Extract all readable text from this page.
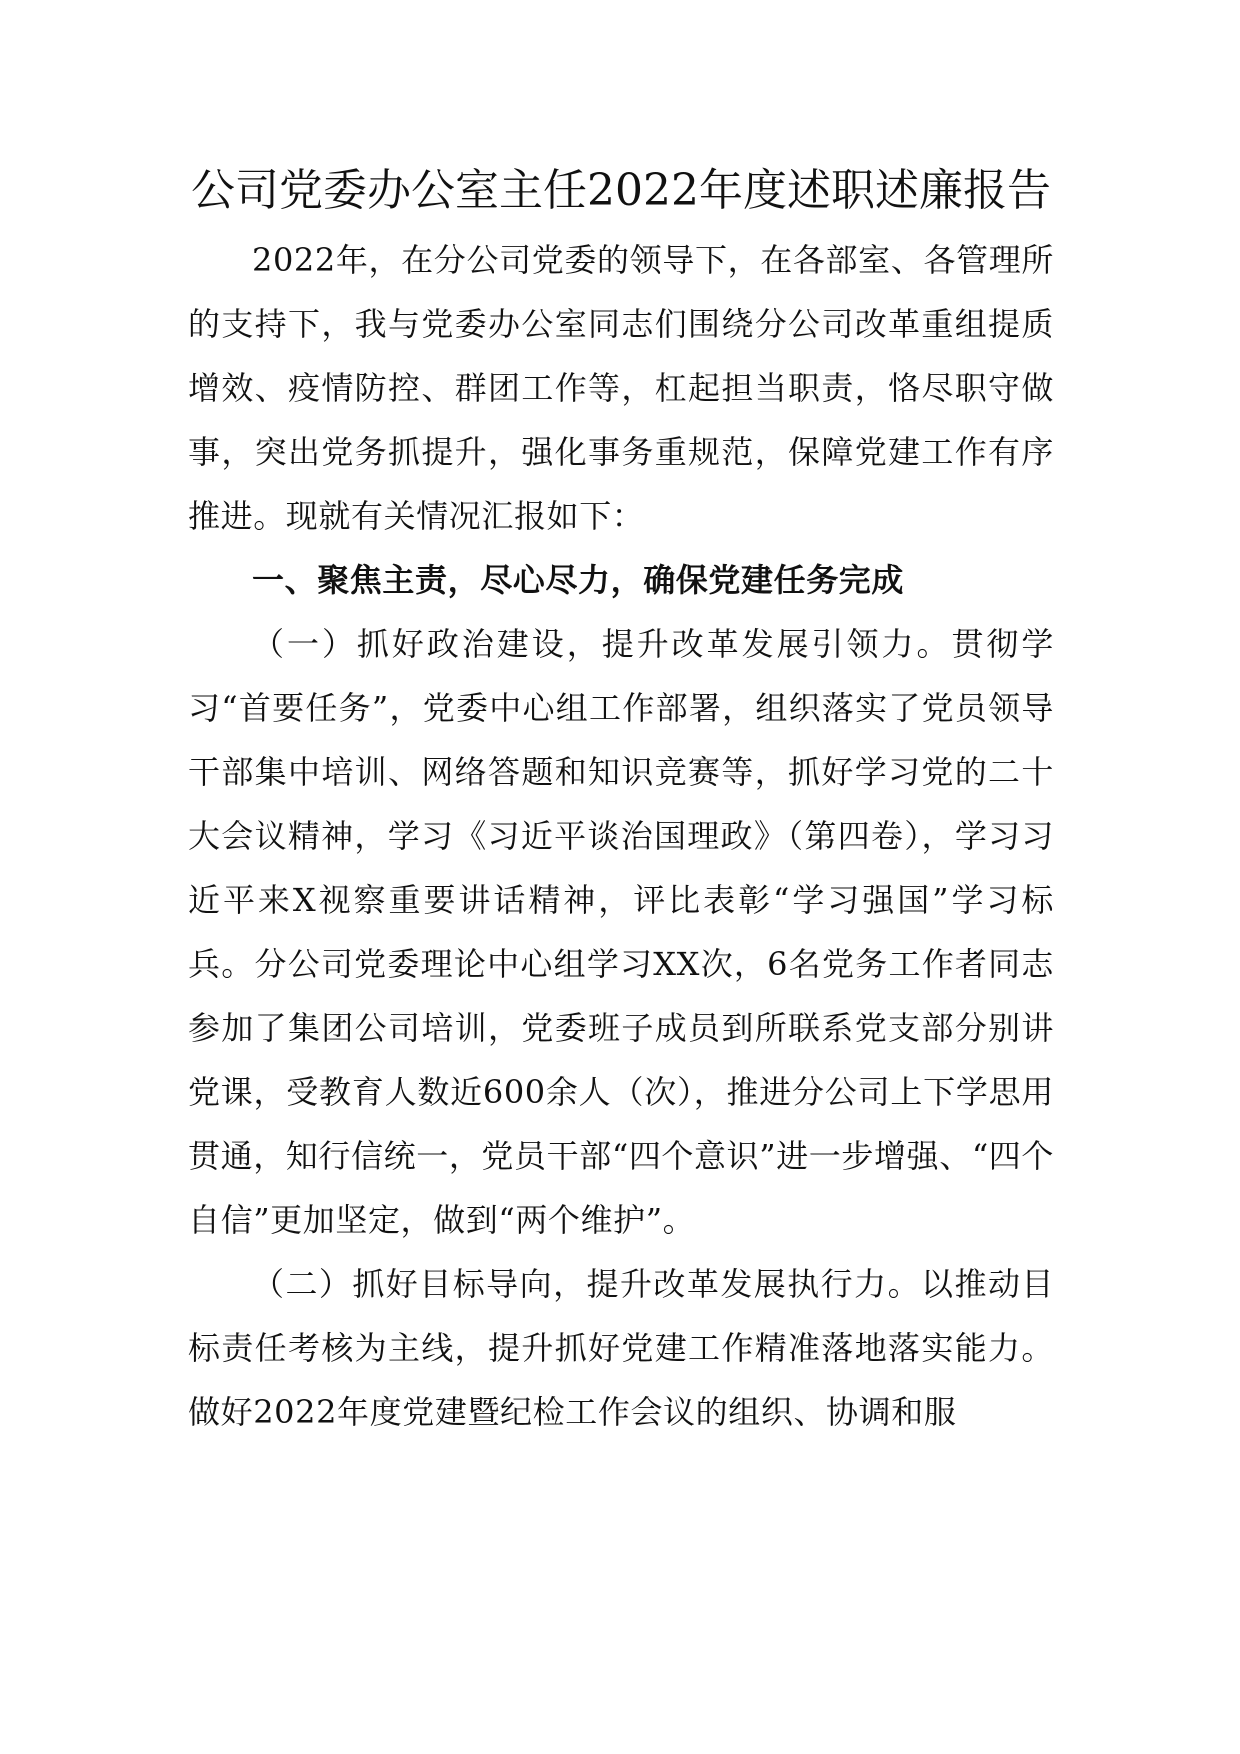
公司党委办公室主任2022年度述职述廉报告

2022年，在分公司党委的领导下，在各部室、各管理所的支持下，我与党委办公室同志们围绕分公司改革重组提质增效、疫情防控、群团工作等，杠起担当职责，恪尽职守做事，突出党务抓提升，强化事务重规范，保障党建工作有序推进。现就有关情况汇报如下：

一、聚焦主责，尽心尽力，确保党建任务完成

（一）抓好政治建设，提升改革发展引领力。贯彻学习“首要任务”，党委中心组工作部署，组织落实了党员领导干部集中培训、网络答题和知识竞赛等，抓好学习党的二十大会议精神，学习《习近平谈治国理政》（第四卷），学习习近平来X视察重要讲话精神，评比表彰“学习强国”学习标兵。分公司党委理论中心组学习XX次，6名党务工作者同志参加了集团公司培训，党委班子成员到所联系党支部分别讲党课，受教育人数近600余人（次），推进分公司上下学思用贯通，知行信统一，党员干部“四个意识”进一步增强、“四个自信”更加坚定，做到“两个维护”。

（二）抓好目标导向，提升改革发展执行力。以推动目标责任考核为主线，提升抓好党建工作精准落地落实能力。做好2022年度党建暨纪检工作会议的组织、协调和服
